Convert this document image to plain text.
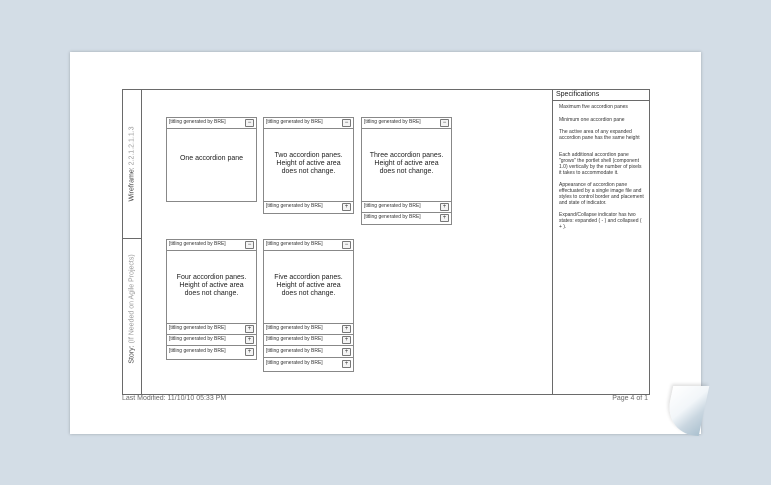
Wireframe: 2.2.1.2.1.1.3
Story: (If Needed on Agile Projects)
[titling generated by BRE]	−
One accordion pane
[titling generated by BRE]	−
Two accordion panes. Height of active area does not change.
[titling generated by BRE]	+
[titling generated by BRE]	−
Three accordion panes. Height of active area does not change.
[titling generated by BRE]	+
[titling generated by BRE]	+
[titling generated by BRE]	−
Four accordion panes. Height of active area does not change.
[titling generated by BRE]	+
[titling generated by BRE]	+
[titling generated by BRE]	+
[titling generated by BRE]	−
Five accordion panes. Height of active area does not change.
[titling generated by BRE]	+
[titling generated by BRE]	+
[titling generated by BRE]	+
[titling generated by BRE]	+
Specifications

Maximum five accordion panes

Minimum one accordion pane

The active area of any expanded accordion pane has the same height

Each additional accordion pane "grows" the portlet shell (component 1.0) vertically by the number of pixels it takes to accommodate it.

Appearance of accordion pane effectuated by a single image file and styles to control border and placement and state of indicator.

Expand/Collapse indicator has two states: expanded ( - ) and collapsed ( + ).

Last Modified: 11/10/10 05:33 PM	Page 4 of 1
